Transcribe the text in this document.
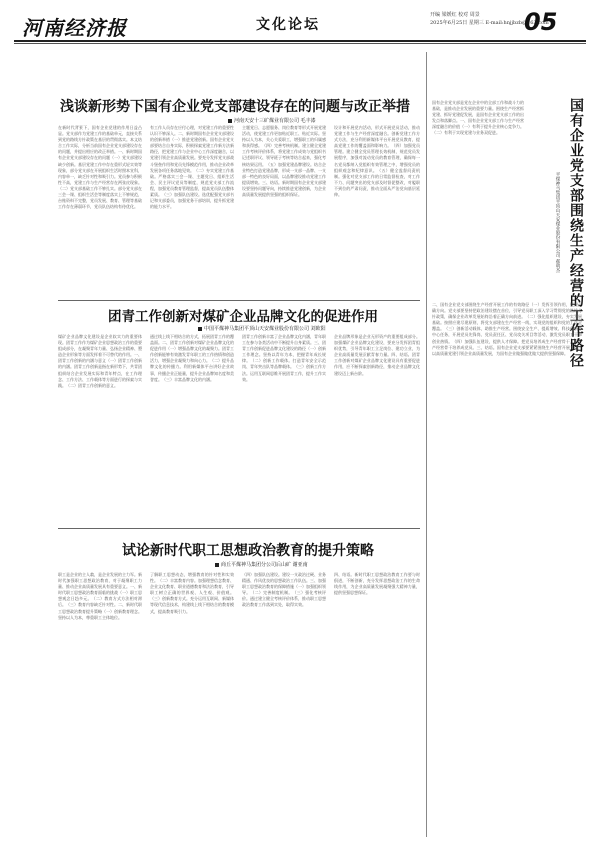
河南经济报	文化论坛
开编 梁媛红 校对 周景
2025年6月25日 星期三 E-mail:hnjjbzb@163.com
05
浅谈新形势下国有企业党支部建设存在的问题与改正举措
河南天安十三矿煤业有限公司 毛丰漆
在新时代背景下，国有企业党建的作用日益凸显。党支部作为党建工作的基础单元，直接关系到党的路线方针政策在基层的贯彻落实。本文结合工作实际，分析当前国有企业党支部建设存在的问题，并提出相应的改正举措。一、新时期国有企业党支部建设存在的问题（一）党支部建设缺少创新。基层党建工作中存在重形式轻实效等现象，部分党支部在开展组织生活时照本宣科，内容单一，缺乏针对性和吸引力。党员参与积极性不高，党建工作与生产经营存在两张皮现象。（二）党支部基础工作不够扎实。部分党支部在三会一课、组织生活会等制度落实上不够规范，台账资料不完整，党员发展、教育、管理等基础工作存在薄弱环节，党员队伍结构有待优化。
有工作人员存在应付心理，对党建工作的重要性认识不够深入。二、新时期国有企业党支部建设的创新举措（一）推进党建创新。国有企业党支部要结合自身实际，积极探索党建工作新方法新路径，把党建工作与企业中心工作深度融合，以党建引领企业高质量发展。要充分发挥党支部战斗堡垒作用和党员先锋模范作用，推动企业改革发展各项任务落地见效。（二）夯实党建工作基础。严格落实三会一课、主题党日、组织生活会、民主评议党员等制度，规范党支部工作流程，加强党员教育管理监督，提高党员队伍整体素质。（三）加强队伍建设。选优配强党支部书记和支部委员，加强党务干部培训，提升抓党建的能力水平。
主题党日、志愿服务、岗位教育等形式开展党建活动，使党建工作更加贴近职工、贴近实际。坚持以人为本，关心关爱职工，增强职工的归属感和获得感。（四）完善考核机制。建立健全党建工作考核评价体系，将党建工作成效与党组织书记述职评议、领导班子考核等结合起来，强化考核结果运用。（五）加强党建品牌建设。结合企业特色打造党建品牌，形成一支部一品牌、一支部一特色的良好局面，以品牌建设推动党建工作提质增效。三、结语。新时期国有企业党支部建设要坚持问题导向，持续推进党建创新，为企业高质量发展提供坚强的组织保证。
设计和开展党内活动，形式开展党员活动，推动党建工作与生产经营深度融合。创新党建工作方式方法，充分利用新媒体平台开展党员教育，提高党建工作的覆盖面和影响力。（四）加强党员管理。建立健全党员管理长效机制，规范党员发展程序，加强对流动党员的教育管理，确保每一名党员都纳入党组织有效管理之中，增强党员的组织观念和纪律意识。（五）健全监督问责机制。强化对党支部工作的日常监督检查，对工作不力、问题突出的党支部及时督促整改，对履职不到位的严肃问责，推动全面从严治党向基层延伸。
团青工作创新对煤矿企业品牌文化的促进作用
中国平煤神马集团平顶山天安煤业股份有限公司 刘欧阳
煤矿企业品牌文化建设是企业软实力的重要体现。团青工作作为煤矿企业思想政治工作的重要组成部分，在凝聚青年力量、弘扬企业精神、塑造企业形象等方面发挥着不可替代的作用。一、团青工作创新的内涵与意义（一）团青工作创新的内涵。团青工作创新是指在新形势下，共青团组织结合企业发展实际和青年特点，在工作理念、工作方法、工作载体等方面进行的探索与实践。（二）团青工作创新的意义。
通过线上线下相结合的方式，拓展团青工作的覆盖面。二、团青工作创新对煤矿企业品牌文化的促进作用（一）增强品牌文化的凝聚力。团青工作创新能够有效激发青年职工的工作热情和创造活力，增强企业凝聚力和向心力。（二）提升品牌文化的传播力。利用新媒体平台讲好企业故事，传播企业正能量，提升企业品牌知名度和美誉度。（三）丰富品牌文化的内涵。
团青工作创新丰富了企业品牌文化内涵，青年职工在参与各类活动中不断提升自身素质。三、团青工作创新促进品牌文化建设的路径（一）创新工作理念。坚持以青年为本，把握青年成长规律。（二）创新工作载体。打造青年安全示范岗、青年突击队等品牌载体。（三）创新工作方法。运用互联网思维开展团青工作，提升工作实效。
企业品牌形象是企业无形资产的重要组成部分。加强煤矿企业品牌文化建设，要充分发挥团青组织优势，引导青年职工立足岗位、建功立业，为企业高质量发展贡献青春力量。四、结语。团青工作创新对煤矿企业品牌文化建设具有重要促进作用，应不断探索创新路径，推动企业品牌文化建设迈上新台阶。
试论新时代职工思想政治教育的提升策略
商丘平煤神马集团分公司后山矿 谢亚南
职工是企业的主人翁，是企业发展的主力军。新时代加强职工思想政治教育，对于凝聚职工力量、推动企业高质量发展具有重要意义。一、新时代职工思想政治教育面临的挑战（一）职工思想观念日趋多元。（二）教育方式方法相对滞后。（三）教育内容缺乏针对性。二、新时代职工思想政治教育提升策略（一）创新教育理念。坚持以人为本，尊重职工主体地位。
了解职工思想动态，增强教育的针对性和实效性。（二）丰富教育内容。加强理想信念教育、企业文化教育、职业道德教育和法治教育，引导职工树立正确的世界观、人生观、价值观。（三）创新教育方式。充分运用互联网、新媒体等现代信息技术，构建线上线下相结合的教育模式，提高教育吸引力。
（四）加强队伍建设。建设一支政治过硬、业务精通、作风优良的思想政治工作队伍。三、加强职工思想政治教育的保障措施（一）加强组织领导。（二）完善制度机制。（三）强化考核评价。通过建立健全考核评价体系，推动职工思想政治教育工作落到实处，取得实效。
四、结语。新时代职工思想政治教育工作要与时俱进，不断创新，充分发挥思想政治工作的生命线作用，为企业高质量发展凝聚强大精神力量，提供坚强思想保证。
国有企业党支部是党在企业中的全部工作和战斗力的基础，是推动企业发展的重要力量。围绕生产经营抓党建、抓好党建促发展，是国有企业党支部工作的出发点和落脚点。一、国有企业党支部工作与生产经营深度融合的价值（一）有利于提升企业核心竞争力。（二）有利于实现党建与业务双促进。	国有企业党支部围绕生产经营的工作路径
平煤神马集团平顶山天安煤业股份有限公司 郝明杰
二、国有企业党支部围绕生产经营开展工作的有效路径（一）发挥引领作用，把握正确方向。党支部要坚持把政治建设摆在首位，引导党员职工深入学习贯彻党的路线方针政策，确保企业改革发展始终沿着正确方向前进。（二）强化组织建设，夯实发展基础。按照应建尽建原则，将党支部建在生产经营一线，实现党的组织和党的工作全覆盖。（三）创新活动载体，助推生产经营。围绕安全生产、提质增效、科技创新等中心任务，开展党员先锋岗、党员责任区、党员攻关项目等活动，激发党员职工干事创业热情。（四）加强队伍建设，提供人才保障。把党员培养成生产经营骨干，把生产经营骨干培养成党员。三、结语。国有企业党支部要紧紧围绕生产经营开展工作，以高质量党建引领企业高质量发展，为国有企业做强做优做大提供坚强保障。
